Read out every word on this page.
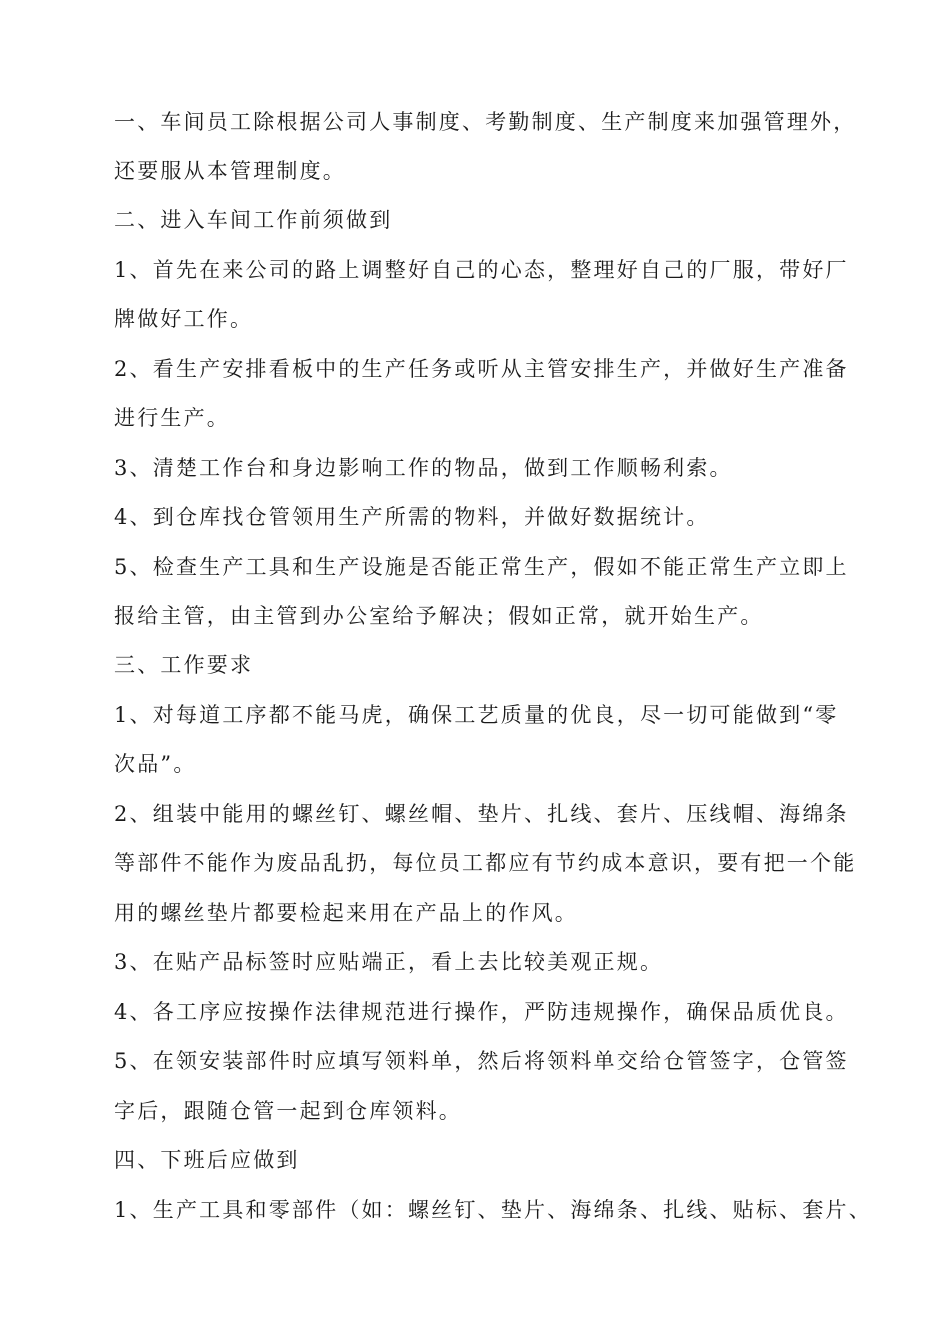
一、车间员工除根据公司人事制度、考勤制度、生产制度来加强管理外，
还要服从本管理制度。
二、进入车间工作前须做到
1、首先在来公司的路上调整好自己的心态，整理好自己的厂服，带好厂
牌做好工作。
2、看生产安排看板中的生产任务或听从主管安排生产，并做好生产准备
进行生产。
3、清楚工作台和身边影响工作的物品，做到工作顺畅利索。
4、到仓库找仓管领用生产所需的物料，并做好数据统计。
5、检查生产工具和生产设施是否能正常生产，假如不能正常生产立即上
报给主管，由主管到办公室给予解决；假如正常，就开始生产。
三、工作要求
1、对每道工序都不能马虎，确保工艺质量的优良，尽一切可能做到“零
次品”。
2、组装中能用的螺丝钉、螺丝帽、垫片、扎线、套片、压线帽、海绵条
等部件不能作为废品乱扔，每位员工都应有节约成本意识，要有把一个能
用的螺丝垫片都要检起来用在产品上的作风。
3、在贴产品标签时应贴端正，看上去比较美观正规。
4、各工序应按操作法律规范进行操作，严防违规操作，确保品质优良。
5、在领安装部件时应填写领料单，然后将领料单交给仓管签字，仓管签
字后，跟随仓管一起到仓库领料。
四、下班后应做到
1、生产工具和零部件（如：螺丝钉、垫片、海绵条、扎线、贴标、套片、
